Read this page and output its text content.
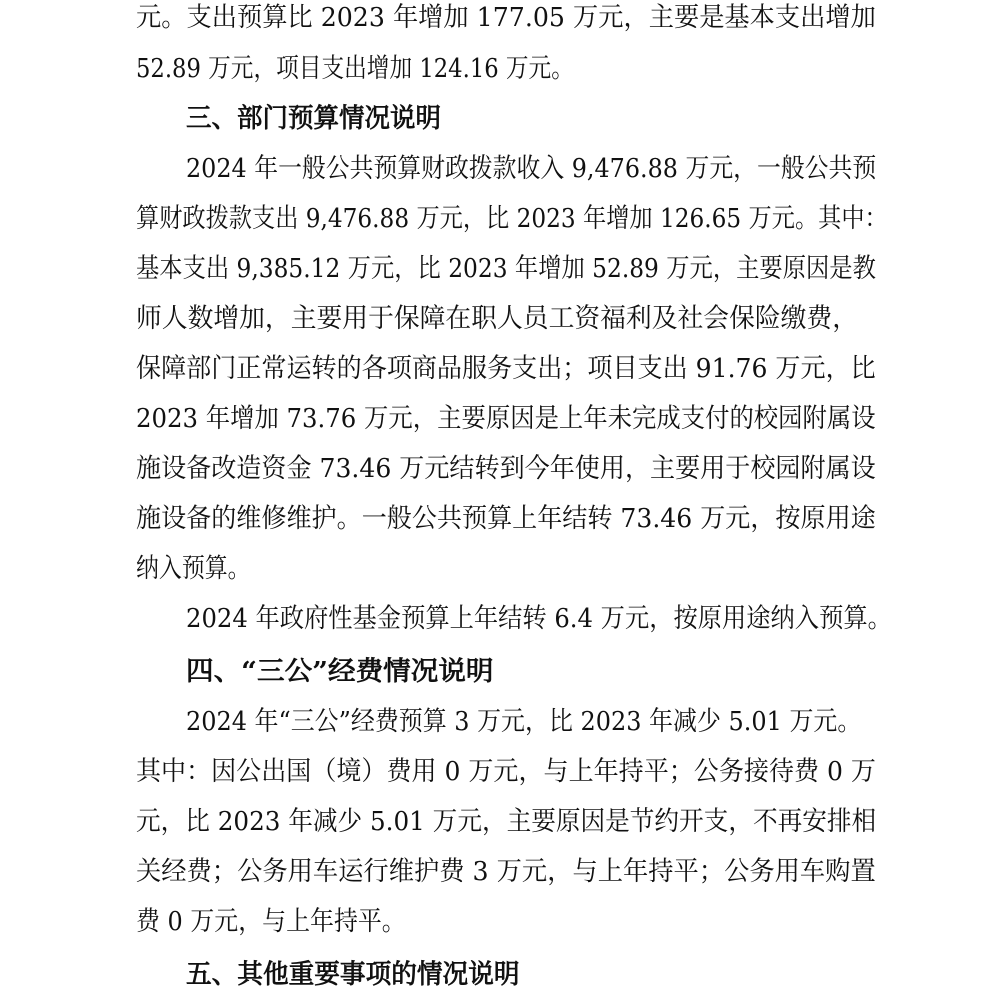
元。支出预算比 2023 年增加 177.05 万元，主要是基本支出增加
52.89 万元，项目支出增加 124.16 万元。
三、部门预算情况说明
2024 年一般公共预算财政拨款收入 9,476.88 万元，一般公共预
算财政拨款支出 9,476.88 万元，比 2023 年增加 126.65 万元。其中：
基本支出 9,385.12 万元，比 2023 年增加 52.89 万元，主要原因是教
师人数增加，主要用于保障在职人员工资福利及社会保险缴费，
保障部门正常运转的各项商品服务支出；项目支出 91.76 万元，比
2023 年增加 73.76 万元，主要原因是上年未完成支付的校园附属设
施设备改造资金 73.46 万元结转到今年使用，主要用于校园附属设
施设备的维修维护。一般公共预算上年结转 73.46 万元，按原用途
纳入预算。
2024 年政府性基金预算上年结转 6.4 万元，按原用途纳入预算。
四、“三公”经费情况说明
2024 年“三公”经费预算 3 万元，比 2023 年减少 5.01 万元。
其中：因公出国（境）费用 0 万元，与上年持平；公务接待费 0 万
元，比 2023 年减少 5.01 万元，主要原因是节约开支，不再安排相
关经费；公务用车运行维护费 3 万元，与上年持平；公务用车购置
费 0 万元，与上年持平。
五、其他重要事项的情况说明
